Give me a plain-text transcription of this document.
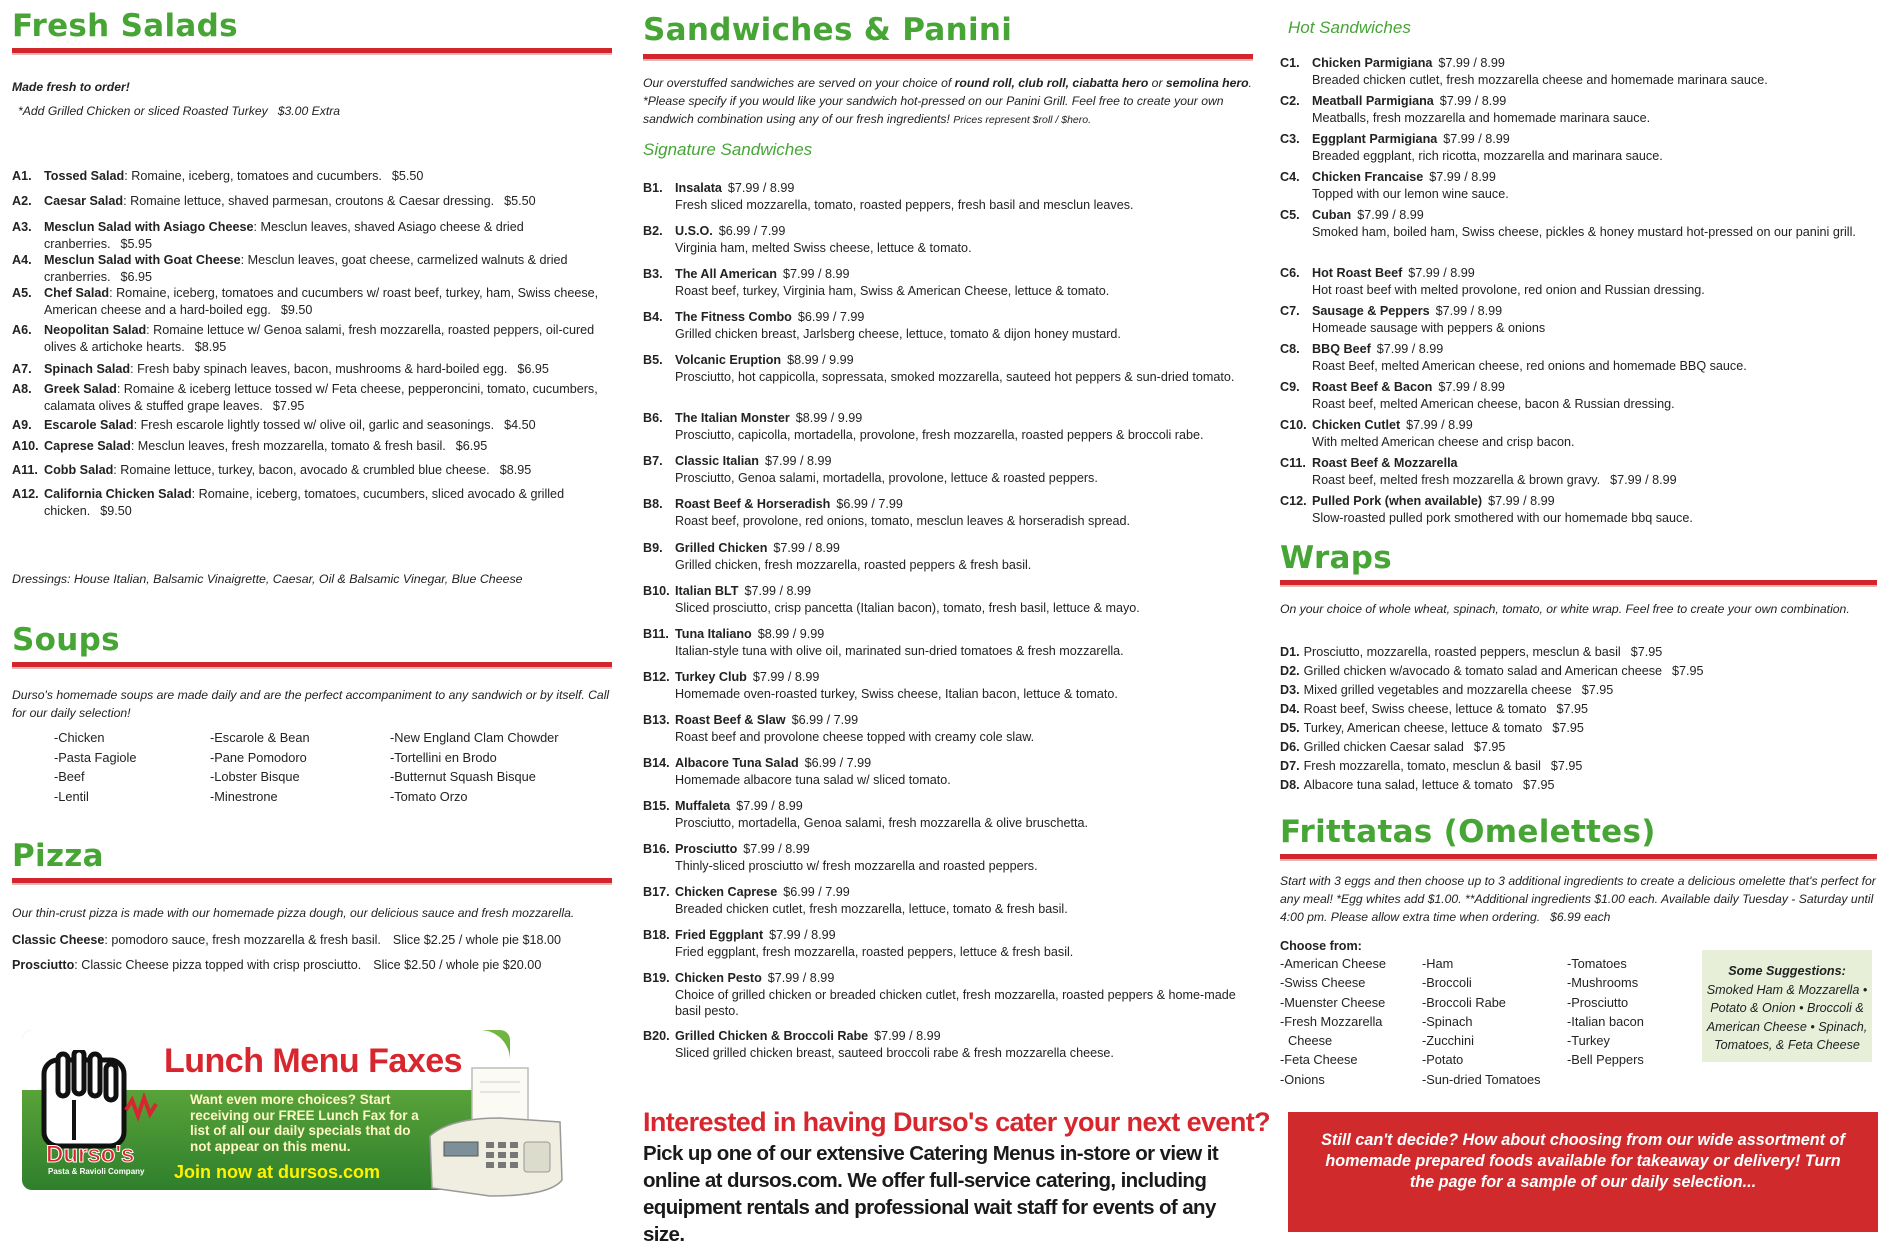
Fresh Salads
Made fresh to order!
*Add Grilled Chicken or sliced Roasted Turkey $3.00 Extra
A1. Tossed Salad: Romaine, iceberg, tomatoes and cucumbers. $5.50
A2. Caesar Salad: Romaine lettuce, shaved parmesan, croutons & Caesar dressing. $5.50
A3. Mesclun Salad with Asiago Cheese: Mesclun leaves, shaved Asiago cheese & dried cranberries. $5.95
A4. Mesclun Salad with Goat Cheese: Mesclun leaves, goat cheese, carmelized walnuts & dried cranberries. $6.95
A5. Chef Salad: Romaine, iceberg, tomatoes and cucumbers w/ roast beef, turkey, ham, Swiss cheese, American cheese and a hard-boiled egg. $9.50
A6. Neopolitan Salad: Romaine lettuce w/ Genoa salami, fresh mozzarella, roasted peppers, oil-cured olives & artichoke hearts. $8.95
A7. Spinach Salad: Fresh baby spinach leaves, bacon, mushrooms & hard-boiled egg. $6.95
A8. Greek Salad: Romaine & iceberg lettuce tossed w/ Feta cheese, pepperoncini, tomato, cucumbers, calamata olives & stuffed grape leaves. $7.95
A9. Escarole Salad: Fresh escarole lightly tossed w/ olive oil, garlic and seasonings. $4.50
A10. Caprese Salad: Mesclun leaves, fresh mozzarella, tomato & fresh basil. $6.95
A11. Cobb Salad: Romaine lettuce, turkey, bacon, avocado & crumbled blue cheese. $8.95
A12. California Chicken Salad: Romaine, iceberg, tomatoes, cucumbers, sliced avocado & grilled chicken. $9.50
Dressings: House Italian, Balsamic Vinaigrette, Caesar, Oil & Balsamic Vinegar, Blue Cheese
Soups
Durso's homemade soups are made daily and are the perfect accompaniment to any sandwich or by itself. Call for our daily selection!
-Chicken
-Pasta Fagiole
-Beef
-Lentil
-Escarole & Bean
-Pane Pomodoro
-Lobster Bisque
-Minestrone
-New England Clam Chowder
-Tortellini en Brodo
-Butternut Squash Bisque
-Tomato Orzo
Pizza
Our thin-crust pizza is made with our homemade pizza dough, our delicious sauce and fresh mozzarella.
Classic Cheese: pomodoro sauce, fresh mozzarella & fresh basil. Slice $2.25 / whole pie $18.00
Prosciutto: Classic Cheese pizza topped with crisp prosciutto. Slice $2.50 / whole pie $20.00
Durso's
Pasta & Ravioli Company
Lunch Menu Faxes
Want even more choices? Start receiving our FREE Lunch Fax for a list of all our daily specials that do not appear on this menu.
Join now at dursos.com
Sandwiches & Panini
Our overstuffed sandwiches are served on your choice of round roll, club roll, ciabatta hero or semolina hero. *Please specify if you would like your sandwich hot-pressed on our Panini Grill. Feel free to create your own sandwich combination using any of our fresh ingredients! Prices represent $roll / $hero.
Signature Sandwiches
B1. Insalata $7.99 / 8.99
Fresh sliced mozzarella, tomato, roasted peppers, fresh basil and mesclun leaves.
B2. U.S.O. $6.99 / 7.99
Virginia ham, melted Swiss cheese, lettuce & tomato.
B3. The All American $7.99 / 8.99
Roast beef, turkey, Virginia ham, Swiss & American Cheese, lettuce & tomato.
B4. The Fitness Combo $6.99 / 7.99
Grilled chicken breast, Jarlsberg cheese, lettuce, tomato & dijon honey mustard.
B5. Volcanic Eruption $8.99 / 9.99
Prosciutto, hot cappicolla, sopressata, smoked mozzarella, sauteed hot peppers & sun-dried tomato.
B6. The Italian Monster $8.99 / 9.99
Prosciutto, capicolla, mortadella, provolone, fresh mozzarella, roasted peppers & broccoli rabe.
B7. Classic Italian $7.99 / 8.99
Prosciutto, Genoa salami, mortadella, provolone, lettuce & roasted peppers.
B8. Roast Beef & Horseradish $6.99 / 7.99
Roast beef, provolone, red onions, tomato, mesclun leaves & horseradish spread.
B9. Grilled Chicken $7.99 / 8.99
Grilled chicken, fresh mozzarella, roasted peppers & fresh basil.
B10. Italian BLT $7.99 / 8.99
Sliced prosciutto, crisp pancetta (Italian bacon), tomato, fresh basil, lettuce & mayo.
B11. Tuna Italiano $8.99 / 9.99
Italian-style tuna with olive oil, marinated sun-dried tomatoes & fresh mozzarella.
B12. Turkey Club $7.99 / 8.99
Homemade oven-roasted turkey, Swiss cheese, Italian bacon, lettuce & tomato.
B13. Roast Beef & Slaw $6.99 / 7.99
Roast beef and provolone cheese topped with creamy cole slaw.
B14. Albacore Tuna Salad $6.99 / 7.99
Homemade albacore tuna salad w/ sliced tomato.
B15. Muffaleta $7.99 / 8.99
Prosciutto, mortadella, Genoa salami, fresh mozzarella & olive bruschetta.
B16. Prosciutto $7.99 / 8.99
Thinly-sliced prosciutto w/ fresh mozzarella and roasted peppers.
B17. Chicken Caprese $6.99 / 7.99
Breaded chicken cutlet, fresh mozzarella, lettuce, tomato & fresh basil.
B18. Fried Eggplant $7.99 / 8.99
Fried eggplant, fresh mozzarella, roasted peppers, lettuce & fresh basil.
B19. Chicken Pesto $7.99 / 8.99
Choice of grilled chicken or breaded chicken cutlet, fresh mozzarella, roasted peppers & home-made basil pesto.
B20. Grilled Chicken & Broccoli Rabe $7.99 / 8.99
Sliced grilled chicken breast, sauteed broccoli rabe & fresh mozzarella cheese.
Interested in having Durso's cater your next event?
Pick up one of our extensive Catering Menus in-store or view it online at dursos.com. We offer full-service catering, including equipment rentals and professional wait staff for events of any size.
Hot Sandwiches
C1. Chicken Parmigiana $7.99 / 8.99
Breaded chicken cutlet, fresh mozzarella cheese and homemade marinara sauce.
C2. Meatball Parmigiana $7.99 / 8.99
Meatballs, fresh mozzarella and homemade marinara sauce.
C3. Eggplant Parmigiana $7.99 / 8.99
Breaded eggplant, rich ricotta, mozzarella and marinara sauce.
C4. Chicken Francaise $7.99 / 8.99
Topped with our lemon wine sauce.
C5. Cuban $7.99 / 8.99
Smoked ham, boiled ham, Swiss cheese, pickles & honey mustard hot-pressed on our panini grill.
C6. Hot Roast Beef $7.99 / 8.99
Hot roast beef with melted provolone, red onion and Russian dressing.
C7. Sausage & Peppers $7.99 / 8.99
Homeade sausage with peppers & onions
C8. BBQ Beef $7.99 / 8.99
Roast Beef, melted American cheese, red onions and homemade BBQ sauce.
C9. Roast Beef & Bacon $7.99 / 8.99
Roast beef, melted American cheese, bacon & Russian dressing.
C10. Chicken Cutlet $7.99 / 8.99
With melted American cheese and crisp bacon.
C11. Roast Beef & Mozzarella
Roast beef, melted fresh mozzarella & brown gravy. $7.99 / 8.99
C12. Pulled Pork (when available) $7.99 / 8.99
Slow-roasted pulled pork smothered with our homemade bbq sauce.
Wraps
On your choice of whole wheat, spinach, tomato, or white wrap. Feel free to create your own combination.
D1. Prosciutto, mozzarella, roasted peppers, mesclun & basil $7.95
D2. Grilled chicken w/avocado & tomato salad and American cheese $7.95
D3. Mixed grilled vegetables and mozzarella cheese $7.95
D4. Roast beef, Swiss cheese, lettuce & tomato $7.95
D5. Turkey, American cheese, lettuce & tomato $7.95
D6. Grilled chicken Caesar salad $7.95
D7. Fresh mozzarella, tomato, mesclun & basil $7.95
D8. Albacore tuna salad, lettuce & tomato $7.95
Frittatas (Omelettes)
Start with 3 eggs and then choose up to 3 additional ingredients to create a delicious omelette that's perfect for any meal! *Egg whites add $1.00. **Additional ingredients $1.00 each. Available daily Tuesday - Saturday until 4:00 pm. Please allow extra time when ordering. $6.99 each
Choose from:
-American Cheese
-Swiss Cheese
-Muenster Cheese
-Fresh Mozzarella
Cheese
-Feta Cheese
-Onions
-Ham
-Broccoli
-Broccoli Rabe
-Spinach
-Zucchini
-Potato
-Sun-dried Tomatoes
-Tomatoes
-Mushrooms
-Prosciutto
-Italian bacon
-Turkey
-Bell Peppers
Some Suggestions:
Smoked Ham & Mozzarella • Potato & Onion • Broccoli & American Cheese • Spinach, Tomatoes, & Feta Cheese
Still can't decide? How about choosing from our wide assortment of homemade prepared foods available for takeaway or delivery! Turn the page for a sample of our daily selection...
